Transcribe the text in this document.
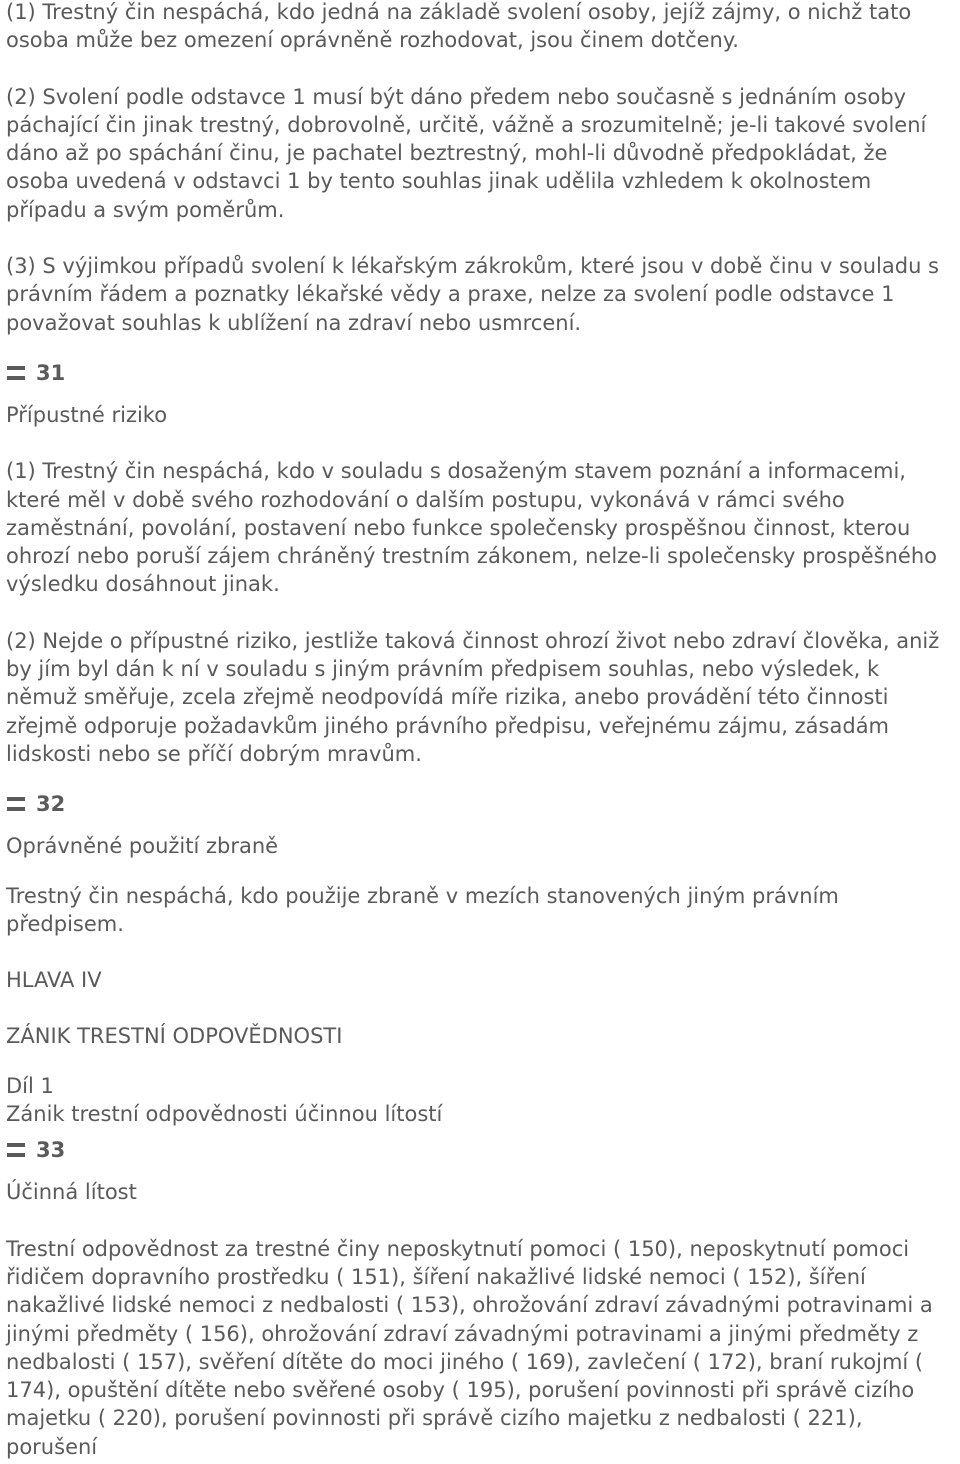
(1) Trestný čin nespáchá, kdo jedná na základě svolení osoby, jejíž zájmy, o nichž tato osoba může bez omezení oprávněně rozhodovat, jsou činem dotčeny.

(2) Svolení podle odstavce 1 musí být dáno předem nebo současně s jednáním osoby páchající čin jinak trestný, dobrovolně, určitě, vážně a srozumitelně; je-li takové svolení dáno až po spáchání činu, je pachatel beztrestný, mohl-li důvodně předpokládat, že osoba uvedená v odstavci 1 by tento souhlas jinak udělila vzhledem k okolnostem případu a svým poměrům.

(3) S výjimkou případů svolení k lékařským zákrokům, které jsou v době činu v souladu s právním řádem a poznatky lékařské vědy a praxe, nelze za svolení podle odstavce 1 považovat souhlas k ublížení na zdraví nebo usmrcení.

31

Přípustné riziko

(1) Trestný čin nespáchá, kdo v souladu s dosaženým stavem poznání a informacemi, které měl v době svého rozhodování o dalším postupu, vykonává v rámci svého zaměstnání, povolání, postavení nebo funkce společensky prospěšnou činnost, kterou ohrozí nebo poruší zájem chráněný trestním zákonem, nelze-li společensky prospěšného výsledku dosáhnout jinak.

(2) Nejde o přípustné riziko, jestliže taková činnost ohrozí život nebo zdraví člověka, aniž by jím byl dán k ní v souladu s jiným právním předpisem souhlas, nebo výsledek, k němuž směřuje, zcela zřejmě neodpovídá míře rizika, anebo provádění této činnosti zřejmě odporuje požadavkům jiného právního předpisu, veřejnému zájmu, zásadám lidskosti nebo se příčí dobrým mravům.

32

Oprávněné použití zbraně

Trestný čin nespáchá, kdo použije zbraně v mezích stanovených jiným právním předpisem.

HLAVA IV

ZÁNIK TRESTNÍ ODPOVĚDNOSTI

Díl 1

Zánik trestní odpovědnosti účinnou lítostí

33

Účinná lítost

Trestní odpovědnost za trestné činy neposkytnutí pomoci ( 150), neposkytnutí pomoci řidičem dopravního prostředku ( 151), šíření nakažlivé lidské nemoci ( 152), šíření nakažlivé lidské nemoci z nedbalosti ( 153), ohrožování zdraví závadnými potravinami a jinými předměty ( 156), ohrožování zdraví závadnými potravinami a jinými předměty z nedbalosti ( 157), svěření dítěte do moci jiného ( 169), zavlečení ( 172), braní rukojmí ( 174), opuštění dítěte nebo svěřené osoby ( 195), porušení povinnosti při správě cizího majetku ( 220), porušení povinnosti při správě cizího majetku z nedbalosti ( 221), porušení
